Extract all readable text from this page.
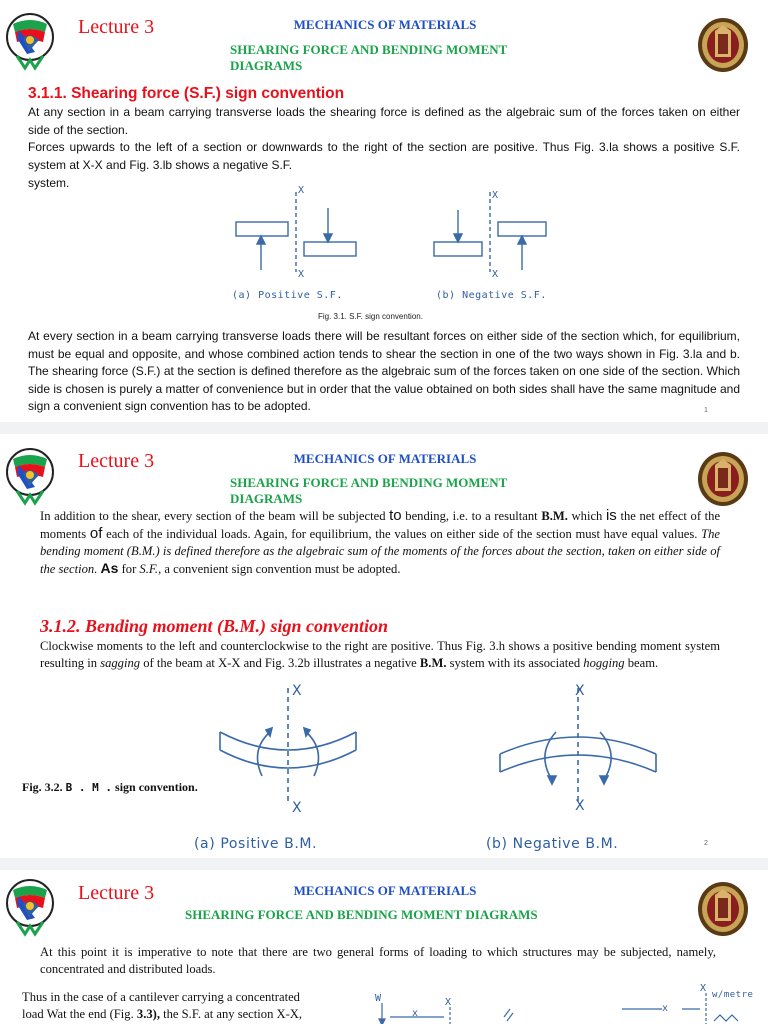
Lecture 3	MECHANICS OF MATERIALS
SHEARING FORCE AND BENDING MOMENT
DIAGRAMS
3.1.1. Shearing force (S.F.) sign convention
At any section in a beam carrying transverse loads the shearing force is defined as the algebraic sum of the forces taken on either side of the section.
Forces upwards to the left of a section or downwards to the right of the section are positive. Thus Fig. 3.la shows a positive S.F. system at X-X and Fig. 3.lb shows a negative S.F.
system.
X
X
X
X
(a) Positive S.F.	(b) Negative S.F.
Fig. 3.1. S.F. sign convention.
At every section in a beam carrying transverse loads there will be resultant forces on either side of the section which, for equilibrium, must be equal and opposite, and whose combined action tends to shear the section in one of the two ways shown in Fig. 3.la and b. The shearing force (S.F.) at the section is defined therefore as the algebraic sum of the forces taken on one side of the section. Which side is chosen is purely a matter of convenience but in order that the value obtained on both sides shall have the same magnitude and sign a convenient sign convention has to be adopted.	1
Lecture 3	MECHANICS OF MATERIALS
SHEARING FORCE AND BENDING MOMENT
DIAGRAMS
In addition to the shear, every section of the beam will be subjected to bending, i.e. to a resultant B.M. which is the net effect of the moments of each of the individual loads. Again, for equilibrium, the values on either side of the section must have equal values. The bending moment (B.M.) is defined therefore as the algebraic sum of the moments of the forces about the section, taken on either side of the section. As for S.F., a convenient sign convention must be adopted.
3.1.2. Bending moment (B.M.) sign convention
Clockwise moments to the left and counterclockwise to the right are positive. Thus Fig. 3.h shows a positive bending moment system resulting in sagging of the beam at X-X and Fig. 3.2b illustrates a negative B.M. system with its associated hogging beam.
X
X
X
X
Fig. 3.2. B . M . sign convention.
(a) Positive B.M.	(b) Negative B.M.	2
Lecture 3	MECHANICS OF MATERIALS
SHEARING FORCE AND BENDING MOMENT DIAGRAMS
At this point it is imperative to note that there are two general forms of loading to which structures may be subjected, namely, concentrated and distributed loads.
Thus in the case of a cantilever carrying a concentrated
load Wat the end (Fig. 3.3), the S.F. at any section X-X,
W	X
x
X
w/metre
x
